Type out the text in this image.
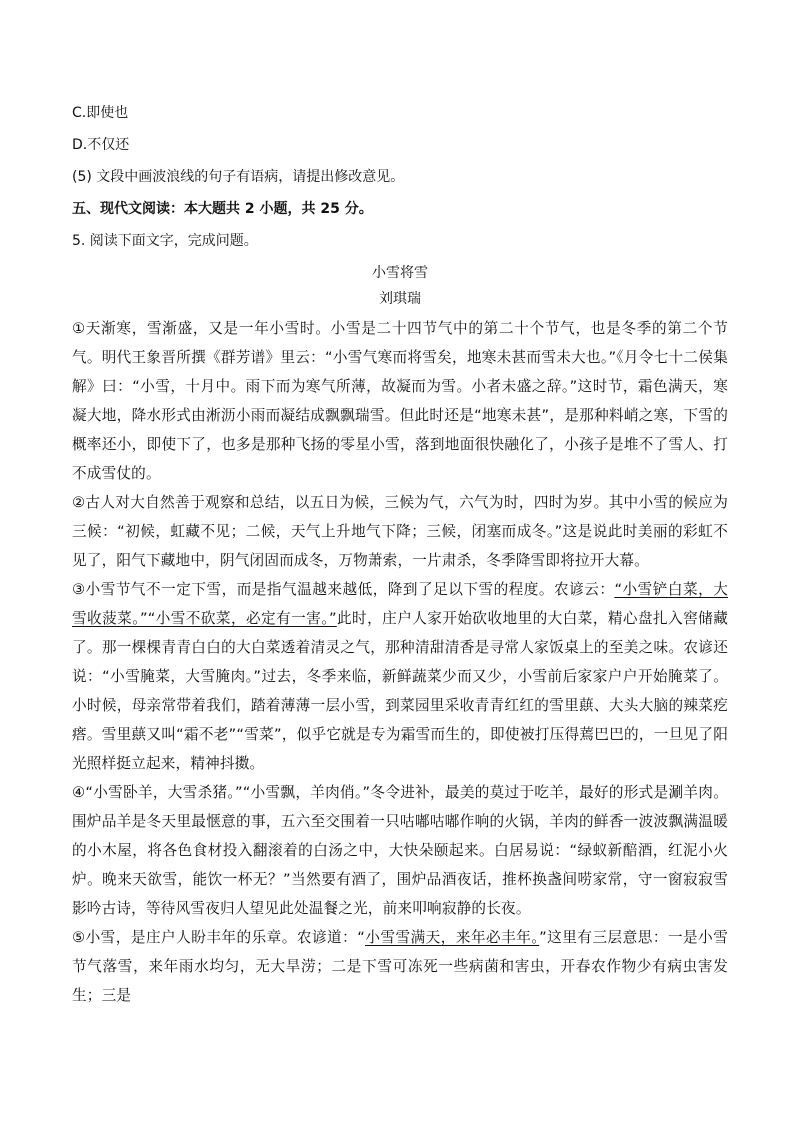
C.即使也
D.不仅还
(5) 文段中画波浪线的句子有语病，请提出修改意见。
五、现代文阅读：本大题共 2 小题，共 25 分。
5. 阅读下面文字，完成问题。
小雪将雪
刘琪瑞

①天渐寒，雪渐盛，又是一年小雪时。小雪是二十四节气中的第二十个节气，也是冬季的第二个节气。明代王象晋所撰《群芳谱》里云：“小雪气寒而将雪矣，地寒未甚而雪未大也。”《月令七十二侯集解》曰：“小雪，十月中。雨下而为寒气所薄，故凝而为雪。小者未盛之辞。”这时节，霜色满天，寒凝大地，降水形式由淅沥小雨而凝结成飘飘瑞雪。但此时还是“地寒未甚”，是那种料峭之寒，下雪的概率还小，即使下了，也多是那种飞扬的零星小雪，落到地面很快融化了，小孩子是堆不了雪人、打不成雪仗的。

②古人对大自然善于观察和总结，以五日为候，三候为气，六气为时，四时为岁。其中小雪的候应为三候：“初候，虹藏不见；二候，天气上升地气下降；三候，闭塞而成冬。”这是说此时美丽的彩虹不见了，阳气下藏地中，阴气闭固而成冬，万物萧索，一片肃杀，冬季降雪即将拉开大幕。

③小雪节气不一定下雪，而是指气温越来越低，降到了足以下雪的程度。农谚云：“小雪铲白菜，大雪收菠菜。”“小雪不砍菜，必定有一害。”此时，庄户人家开始砍收地里的大白菜，精心盘扎入窖储藏了。那一棵棵青青白白的大白菜透着清灵之气，那种清甜清香是寻常人家饭桌上的至美之味。农谚还说：“小雪腌菜，大雪腌肉。”过去，冬季来临，新鲜蔬菜少而又少，小雪前后家家户户开始腌菜了。小时候，母亲常带着我们，踏着薄薄一层小雪，到菜园里采收青青红红的雪里蕻、大头大脑的辣菜疙瘩。雪里蕻又叫“霜不老”“雪菜”，似乎它就是专为霜雪而生的，即使被打压得蔫巴巴的，一旦见了阳光照样挺立起来，精神抖擞。

④“小雪卧羊，大雪杀猪。”“小雪飘，羊肉俏。”冬令进补，最美的莫过于吃羊，最好的形式是涮羊肉。围炉品羊是冬天里最惬意的事，五六至交围着一只咕嘟咕嘟作响的火锅，羊肉的鲜香一波波飘满温暖的小木屋，将各色食材投入翻滚着的白汤之中，大快朵颐起来。白居易说：“绿蚁新醅酒，红泥小火炉。晚来天欲雪，能饮一杯无？”当然要有酒了，围炉品酒夜话，推杯换盏间唠家常，守一窗寂寂雪影吟古诗，等待风雪夜归人望见此处温餐之光，前来叩响寂静的长夜。

⑤小雪，是庄户人盼丰年的乐章。农谚道：“小雪雪满天，来年必丰年。”这里有三层意思：一是小雪节气落雪，来年雨水均匀，无大旱涝；二是下雪可冻死一些病菌和害虫，开春农作物少有病虫害发生；三是
